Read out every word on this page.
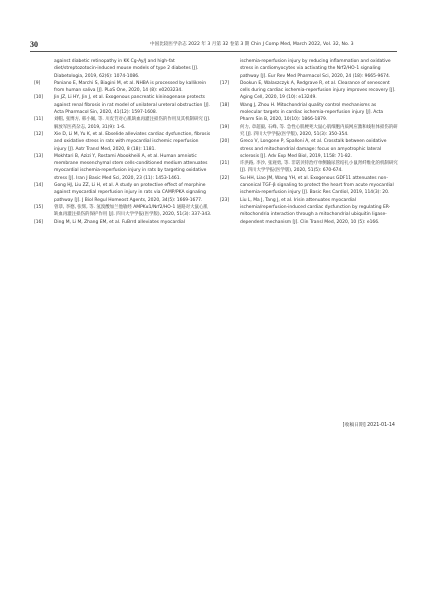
30	中国比较医学杂志 2022 年 3 月第 32 卷第 3 期 Chin J Comp Med, March 2022, Vol. 32, No. 3
against diabetic retinopathy in KK Cg-Ay/J and high-fat diet/streptozotocin-induced mouse models of type 2 diabetes [J]. Diabetologia, 2019, 62(6): 1074-1086.
[9]	Paniano E, Marchi S, Biagini M, et al. NHBA is processed by kallikrein from human saliva [J]. PLoS One, 2020, 14 (8): e0203234.
[10] Jin JZ, Li HY, Jin J, et al. Exogenous pancreatic kininogenase protects against renal fibrosis in rat model of unilateral ureteral obstruction [J]. Acta Pharmacol Sin, 2020, 41(12): 1597-1608.
[11] 刘帽, 张博方, 韩小佩, 等. 川皮苷对心肌缺血再灌注损伤的作用及其机制研究 [J]. 解放军医药杂志, 2019, 31(9): 1-6.
[12] Xie D, Li M, Yu K, et al. Ebselide alleviates cardiac dysfunction, fibrosis and oxidative stress in rats with myocardial ischemic reperfusion injury [J]. Aotr Transl Med, 2020, 8 (18): 1181.
[13] Mokhtari B, Azizi Y, Rostami Abookheili A, et al. Human amniotic membrane mesenchymal stem cells-conditioned medium attenuates myocardial ischemia-reperfusion injury in rats by targeting oxidative stress [J]. Iran J Basic Med Sci, 2020, 23 (11): 1453-1461.
[14] Gong HJ, Liu ZZ, Li H, et al. A study on protective effect of morphine against myocardial reperfusion injury in rats via CAMP/PKA signaling pathway [J]. J Biol Regul Homeost Agents, 2020, 34(5): 1669-1677.
[15] 曾恭, 李德, 张辉, 等. 氢溴酸加兰他敏经 AMPKα1/Nrf2/HO-1 通路对大鼠心肌缺血再灌注损伤的保护作用 [J]. 四川大学学报(医学版), 2020, 51(3): 337-343.
[16] Ding M, Li M, Zhang EM, et al. FuBrrd alleviates myocardial
ischemia-reperfusion injury by reducing inflammation and oxidative stress in cardiomyocytes via activating the Nrf2/HO-1 signaling pathway [J]. Eur Rev Med Pharmacol Sci, 2020, 24 (18): 9665-9674.
[17] Dookun E, Walaszczyk A, Redgrave R, et al. Clearance of senescent cells during cardiac ischemia-reperfusion injury improves recovery [J]. Aging Cell, 2020, 19 (10): e13249.
[18] Wang J, Zhou H. Mitochondrial quality control mechanisms as molecular targets in cardiac ischemia-reperfusion injury [J]. Acta Pharm Sin B, 2020, 10(10): 1866-1879.
[19] 何力, 章超毅, 石峰, 等. 急性心肌梗死大鼠心肌细胞内质网应激和线粒体损伤的研究 [J]. 四川大学学报(医学版), 2020, 51(3): 350-354.
[20] Greco V, Longone P, Spalloni A, et al. Crosstalk between oxidative stress and mitochondrial damage: focus on amyotrophic lateral sclerosis [J]. Adv Exp Med Biol, 2019, 1158: 71-82.
[21] 许洪路, 李沙, 张观勇, 等. 非诺贝特治疗单侧输尿管结扎小鼠肾纤维化的机制研究 [J]. 四川大学学报(医学版), 2020, 51(5): 670-674.
[22] Su HH, Liao JM, Wang YH, et al. Exogenous GDF11 attenuates non-canonical TGF-β signaling to protect the heart from acute myocardial ischemia-reperfusion injury [J]. Basic Res Cardiol, 2019, 114(3): 20.
[23] Liu L, Ma J, Tang J, et al. Irisin attenuates myocardial ischemia/reperfusion-induced cardiac dysfunction by regulating ER-mitochondria interaction through a mitochondrial ubiquitin ligase-dependent mechanism [J]. Clin Transl Med, 2020, 10 (5): e166.
[收稿日期] 2021-01-14
